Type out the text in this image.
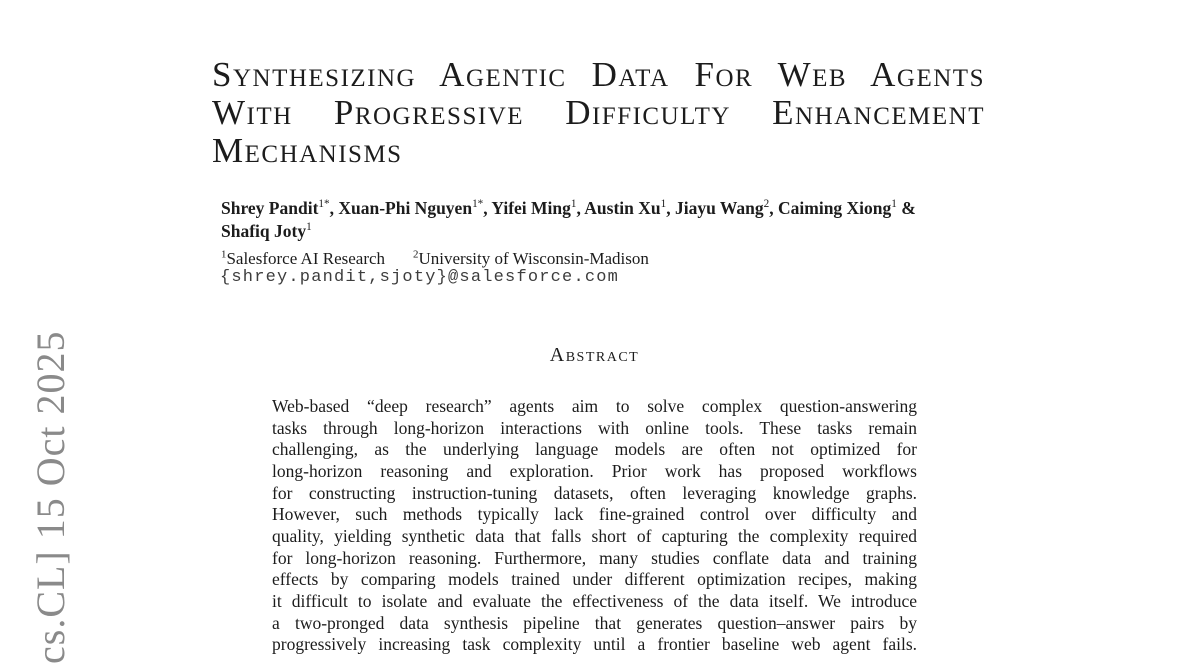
cs.CL] 15 Oct 2025
Synthesizing Agentic Data For Web Agents
With Progressive Difficulty Enhancement
Mechanisms
Shrey Pandit$^{1*}$, Xuan-Phi Nguyen$^{1*}$, Yifei Ming$^1$, Austin Xu$^1$, Jiayu Wang$^2$, Caiming Xiong$^1$ &
Shafiq Joty$^1$
$^1$Salesforce AI Research	$^2$University of Wisconsin-Madison
{shrey.pandit,sjoty}@salesforce.com
Abstract
Web-based “deep research” agents aim to solve complex question-answering
tasks through long-horizon interactions with online tools. These tasks remain
challenging, as the underlying language models are often not optimized for
long-horizon reasoning and exploration. Prior work has proposed workflows
for constructing instruction-tuning datasets, often leveraging knowledge graphs.
However, such methods typically lack fine-grained control over difficulty and
quality, yielding synthetic data that falls short of capturing the complexity required
for long-horizon reasoning. Furthermore, many studies conflate data and training
effects by comparing models trained under different optimization recipes, making
it difficult to isolate and evaluate the effectiveness of the data itself. We introduce
a two-pronged data synthesis pipeline that generates question–answer pairs by
progressively increasing task complexity until a frontier baseline web agent fails.
